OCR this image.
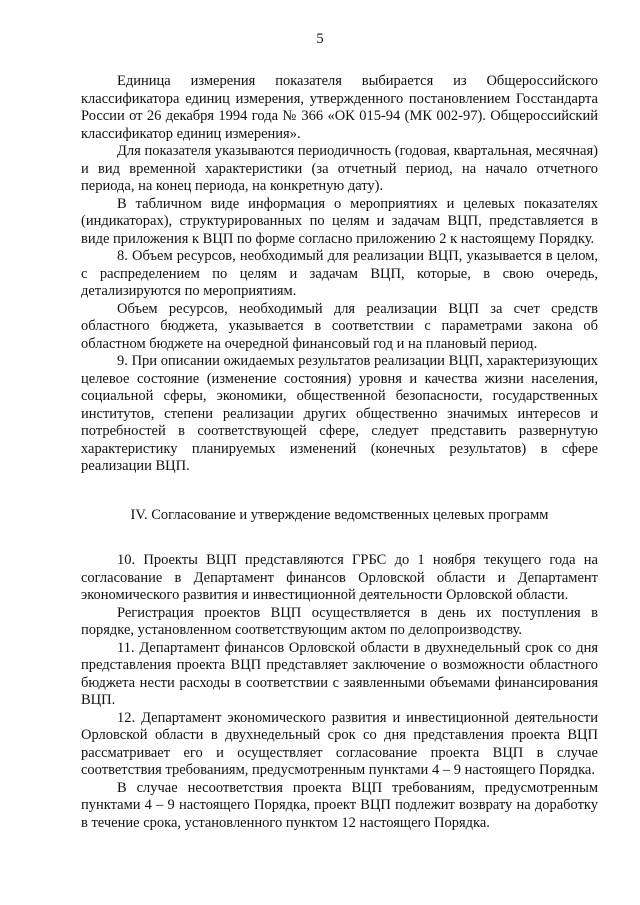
5

Единица измерения показателя выбирается из Общероссийского классификатора единиц измерения, утвержденного постановлением Госстандарта России от 26 декабря 1994 года № 366 «ОК 015-94 (МК 002-97). Общероссийский классификатор единиц измерения».

Для показателя указываются периодичность (годовая, квартальная, месячная) и вид временной характеристики (за отчетный период, на начало отчетного периода, на конец периода, на конкретную дату).

В табличном виде информация о мероприятиях и целевых показателях (индикаторах), структурированных по целям и задачам ВЦП, представляется в виде приложения к ВЦП по форме согласно приложению 2 к настоящему Порядку.

8. Объем ресурсов, необходимый для реализации ВЦП, указывается в целом, с распределением по целям и задачам ВЦП, которые, в свою очередь, детализируются по мероприятиям.

Объем ресурсов, необходимый для реализации ВЦП за счет средств областного бюджета, указывается в соответствии с параметрами закона об областном бюджете на очередной финансовый год и на плановый период.

9. При описании ожидаемых результатов реализации ВЦП, характеризующих целевое состояние (изменение состояния) уровня и качества жизни населения, социальной сферы, экономики, общественной безопасности, государственных институтов, степени реализации других общественно значимых интересов и потребностей в соответствующей сфере, следует представить развернутую характеристику планируемых изменений (конечных результатов) в сфере реализации ВЦП.

IV. Согласование и утверждение ведомственных целевых программ

10. Проекты ВЦП представляются ГРБС до 1 ноября текущего года на согласование в Департамент финансов Орловской области и Департамент экономического развития и инвестиционной деятельности Орловской области.

Регистрация проектов ВЦП осуществляется в день их поступления в порядке, установленном соответствующим актом по делопроизводству.

11. Департамент финансов Орловской области в двухнедельный срок со дня представления проекта ВЦП представляет заключение о возможности областного бюджета нести расходы в соответствии с заявленными объемами финансирования ВЦП.

12. Департамент экономического развития и инвестиционной деятельности Орловской области в двухнедельный срок со дня представления проекта ВЦП рассматривает его и осуществляет согласование проекта ВЦП в случае соответствия требованиям, предусмотренным пунктами 4 – 9 настоящего Порядка.

В случае несоответствия проекта ВЦП требованиям, предусмотренным пунктами 4 – 9 настоящего Порядка, проект ВЦП подлежит возврату на доработку в течение срока, установленного пунктом 12 настоящего Порядка.
